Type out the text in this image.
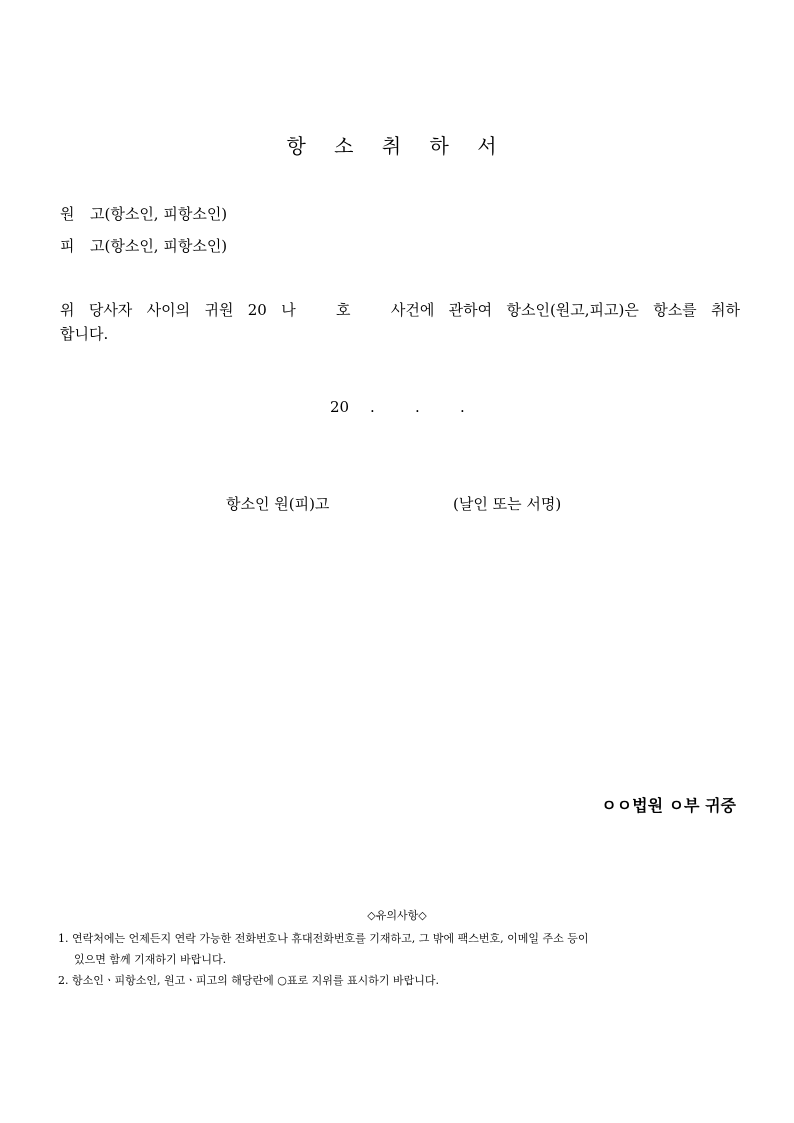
항 소 취 하 서
원 고(항소인, 피항소인)
피 고(항소인, 피항소인)
위 당사자 사이의 귀원 20 나	호	사건에 관하여 항소인(원고,피고)은 항소를 취하
합니다.
20 .	.	.
항소인 원(피)고	(날인 또는 서명)
ㅇㅇ법원 ㅇ부 귀중
◇유의사항◇
1. 연락처에는 언제든지 연락 가능한 전화번호나 휴대전화번호를 기재하고, 그 밖에 팩스번호, 이메일 주소 등이
있으면 함께 기재하기 바랍니다.
2. 항소인ㆍ피항소인, 원고ㆍ피고의 해당란에 ○표로 지위를 표시하기 바랍니다.
